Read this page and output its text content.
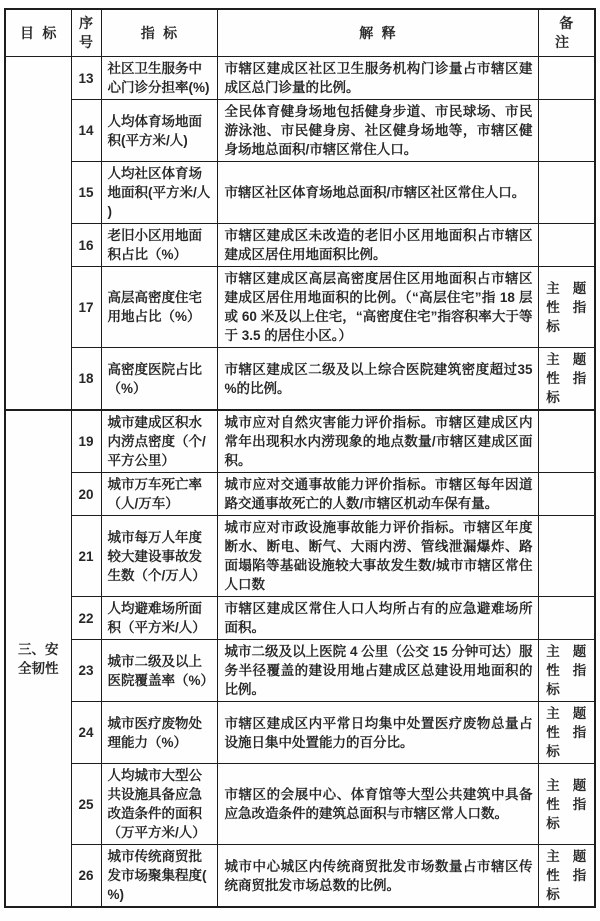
目标	序号	指标	解释	备注
	13	社区卫生服务中心门诊分担率(%)	市辖区建成区社区卫生服务机构门诊量占市辖区建成区总门诊量的比例。	

	14	人均体育场地面积(平方米/人)	全民体育健身场地包括健身步道、市民球场、市民游泳池、市民健身房、社区健身场地等，市辖区健身场地总面积/市辖区常住人口。	

	15	人均社区体育场地面积(平方米/人)	市辖区社区体育场地总面积/市辖区社区常住人口。	

	16	老旧小区用地面积占比（%）	市辖区建成区未改造的老旧小区用地面积占市辖区建成区居住用地面积比例。	

	17	高层高密度住宅用地占比（%）	市辖区建成区高层高密度居住区用地面积占市辖区建成区居住用地面积的比例。（“高层住宅”指 18 层或 60 米及以上住宅，“高密度住宅”指容积率大于等于 3.5 的居住小区。）	主题性指标

	18	高密度医院占比（%）	市辖区建成区二级及以上综合医院建筑密度超过35%的比例。	主题性指标

三、安全韧性	19	城市建成区积水内涝点密度（个/平方公里）	城市应对自然灾害能力评价指标。市辖区建成区内常年出现积水内涝现象的地点数量/市辖区建成区面积。	

	20	城市万车死亡率（人/万车）	城市应对交通事故能力评价指标。市辖区每年因道路交通事故死亡的人数/市辖区机动车保有量。	

	21	城市每万人年度较大建设事故发生数（个/万人）	城市应对市政设施事故能力评价指标。市辖区年度断水、断电、断气、大雨内涝、管线泄漏爆炸、路面塌陷等基础设施较大事故发生数/城市市辖区常住人口数	

	22	人均避难场所面积（平方米/人）	市辖区建成区常住人口人均所占有的应急避难场所面积。	

	23	城市二级及以上医院覆盖率（%）	城市二级及以上医院 4 公里（公交 15 分钟可达）服务半径覆盖的建设用地占建成区总建设用地面积的比例。	主题性指标

	24	城市医疗废物处理能力（%）	市辖区建成区内平常日均集中处置医疗废物总量占设施日集中处置能力的百分比。	主题性指标

	25	人均城市大型公共设施具备应急改造条件的面积（万平方米/人）	市辖区的会展中心、体育馆等大型公共建筑中具备应急改造条件的建筑总面积与市辖区常人口数。	主题性指标

	26	城市传统商贸批发市场聚集程度(%)	城市中心城区内传统商贸批发市场数量占市辖区传统商贸批发市场总数的比例。	主题性指标
